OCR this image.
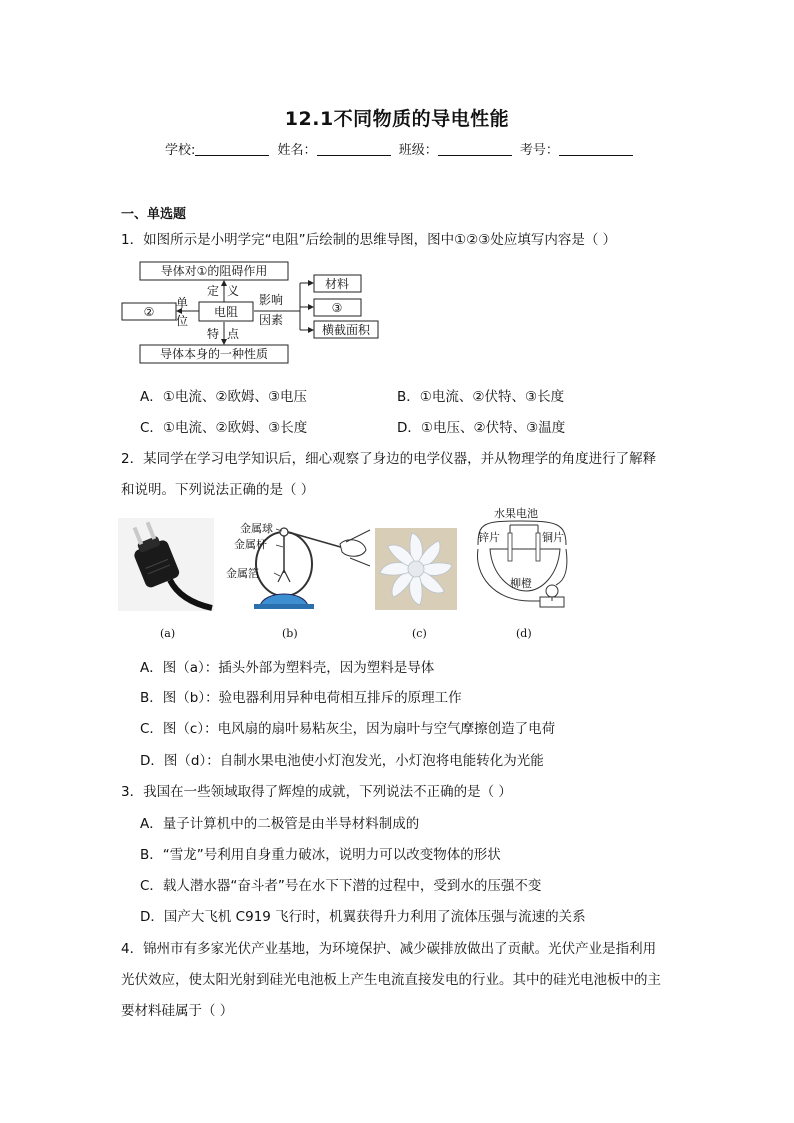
12.1不同物质的导电性能
学校:	姓名：	班级：	考号：
一、单选题
1．如图所示是小明学完“电阻”后绘制的思维导图，图中①②③处应填写内容是（ ）
导体对①的阻碍作用
②	电阻
导体本身的一种性质
材料
③
横截面积
定 义
单
位
影响
因素
特 点
A．①电流、②欧姆、③电压	B．①电流、②伏特、③长度
C．①电流、②欧姆、③长度	D．①电压、②伏特、③温度
2．某同学在学习电学知识后，细心观察了身边的电学仪器，并从物理学的角度进行了解释
和说明。下列说法正确的是（ ）
金属球
金属杆
金属箔
水果电池
锌片	铜片
柳橙
(a)	(b)	(c)	(d)
A．图（a）：插头外部为塑料壳，因为塑料是导体
B．图（b）：验电器利用异种电荷相互排斥的原理工作
C．图（c）：电风扇的扇叶易粘灰尘，因为扇叶与空气摩擦创造了电荷
D．图（d）：自制水果电池使小灯泡发光，小灯泡将电能转化为光能
3．我国在一些领域取得了辉煌的成就，下列说法不正确的是（ ）
A．量子计算机中的二极管是由半导材料制成的
B．“雪龙”号利用自身重力破冰，说明力可以改变物体的形状
C．载人潜水器“奋斗者”号在水下下潜的过程中，受到水的压强不变
D．国产大飞机 C919 飞行时，机翼获得升力利用了流体压强与流速的关系
4．锦州市有多家光伏产业基地，为环境保护、减少碳排放做出了贡献。光伏产业是指利用
光伏效应，使太阳光射到硅光电池板上产生电流直接发电的行业。其中的硅光电池板中的主
要材料硅属于（ ）
